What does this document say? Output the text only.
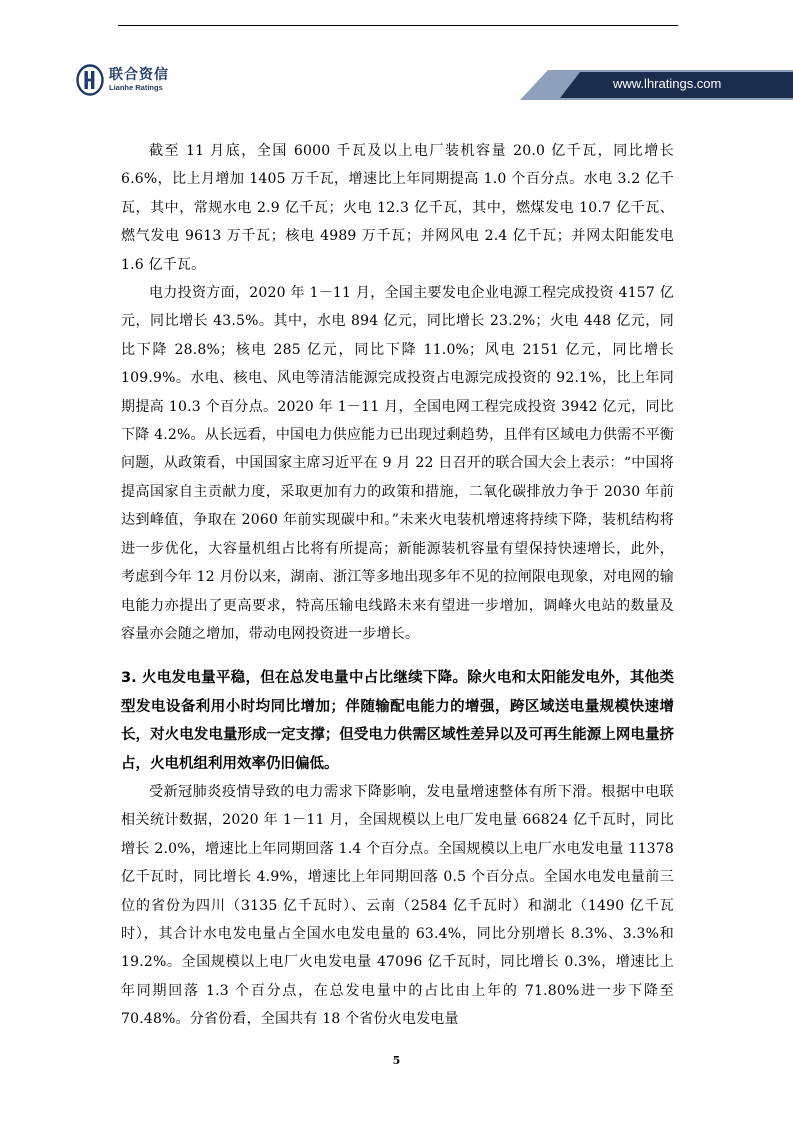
联合资信
Lianhe Ratings	www.lhratings.com

截至 11 月底，全国 6000 千瓦及以上电厂装机容量 20.0 亿千瓦，同比增长 6.6%，比上月增加 1405 万千瓦，增速比上年同期提高 1.0 个百分点。水电 3.2 亿千瓦，其中，常规水电 2.9 亿千瓦；火电 12.3 亿千瓦，其中，燃煤发电 10.7 亿千瓦、燃气发电 9613 万千瓦；核电 4989 万千瓦；并网风电 2.4 亿千瓦；并网太阳能发电 1.6 亿千瓦。

电力投资方面，2020 年 1－11 月，全国主要发电企业电源工程完成投资 4157 亿元，同比增长 43.5%。其中，水电 894 亿元，同比增长 23.2%；火电 448 亿元，同比下降 28.8%；核电 285 亿元，同比下降 11.0%；风电 2151 亿元，同比增长 109.9%。水电、核电、风电等清洁能源完成投资占电源完成投资的 92.1%，比上年同期提高 10.3 个百分点。2020 年 1－11 月，全国电网工程完成投资 3942 亿元，同比下降 4.2%。从长远看，中国电力供应能力已出现过剩趋势，且伴有区域电力供需不平衡问题，从政策看，中国国家主席习近平在 9 月 22 日召开的联合国大会上表示：“中国将提高国家自主贡献力度，采取更加有力的政策和措施，二氧化碳排放力争于 2030 年前达到峰值，争取在 2060 年前实现碳中和。”未来火电装机增速将持续下降，装机结构将进一步优化，大容量机组占比将有所提高；新能源装机容量有望保持快速增长，此外，考虑到今年 12 月份以来，湖南、浙江等多地出现多年不见的拉闸限电现象，对电网的输电能力亦提出了更高要求，特高压输电线路未来有望进一步增加，调峰火电站的数量及容量亦会随之增加，带动电网投资进一步增长。

3. 火电发电量平稳，但在总发电量中占比继续下降。除火电和太阳能发电外，其他类型发电设备利用小时均同比增加；伴随输配电能力的增强，跨区域送电量规模快速增长，对火电发电量形成一定支撑；但受电力供需区域性差异以及可再生能源上网电量挤占，火电机组利用效率仍旧偏低。

受新冠肺炎疫情导致的电力需求下降影响，发电量增速整体有所下滑。根据中电联相关统计数据，2020 年 1－11 月，全国规模以上电厂发电量 66824 亿千瓦时，同比增长 2.0%，增速比上年同期回落 1.4 个百分点。全国规模以上电厂水电发电量 11378 亿千瓦时，同比增长 4.9%，增速比上年同期回落 0.5 个百分点。全国水电发电量前三位的省份为四川（3135 亿千瓦时）、云南（2584 亿千瓦时）和湖北（1490 亿千瓦时），其合计水电发电量占全国水电发电量的 63.4%，同比分别增长 8.3%、3.3%和 19.2%。全国规模以上电厂火电发电量 47096 亿千瓦时，同比增长 0.3%，增速比上年同期回落 1.3 个百分点，在总发电量中的占比由上年的 71.80%进一步下降至 70.48%。分省份看，全国共有 18 个省份火电发电量

5
